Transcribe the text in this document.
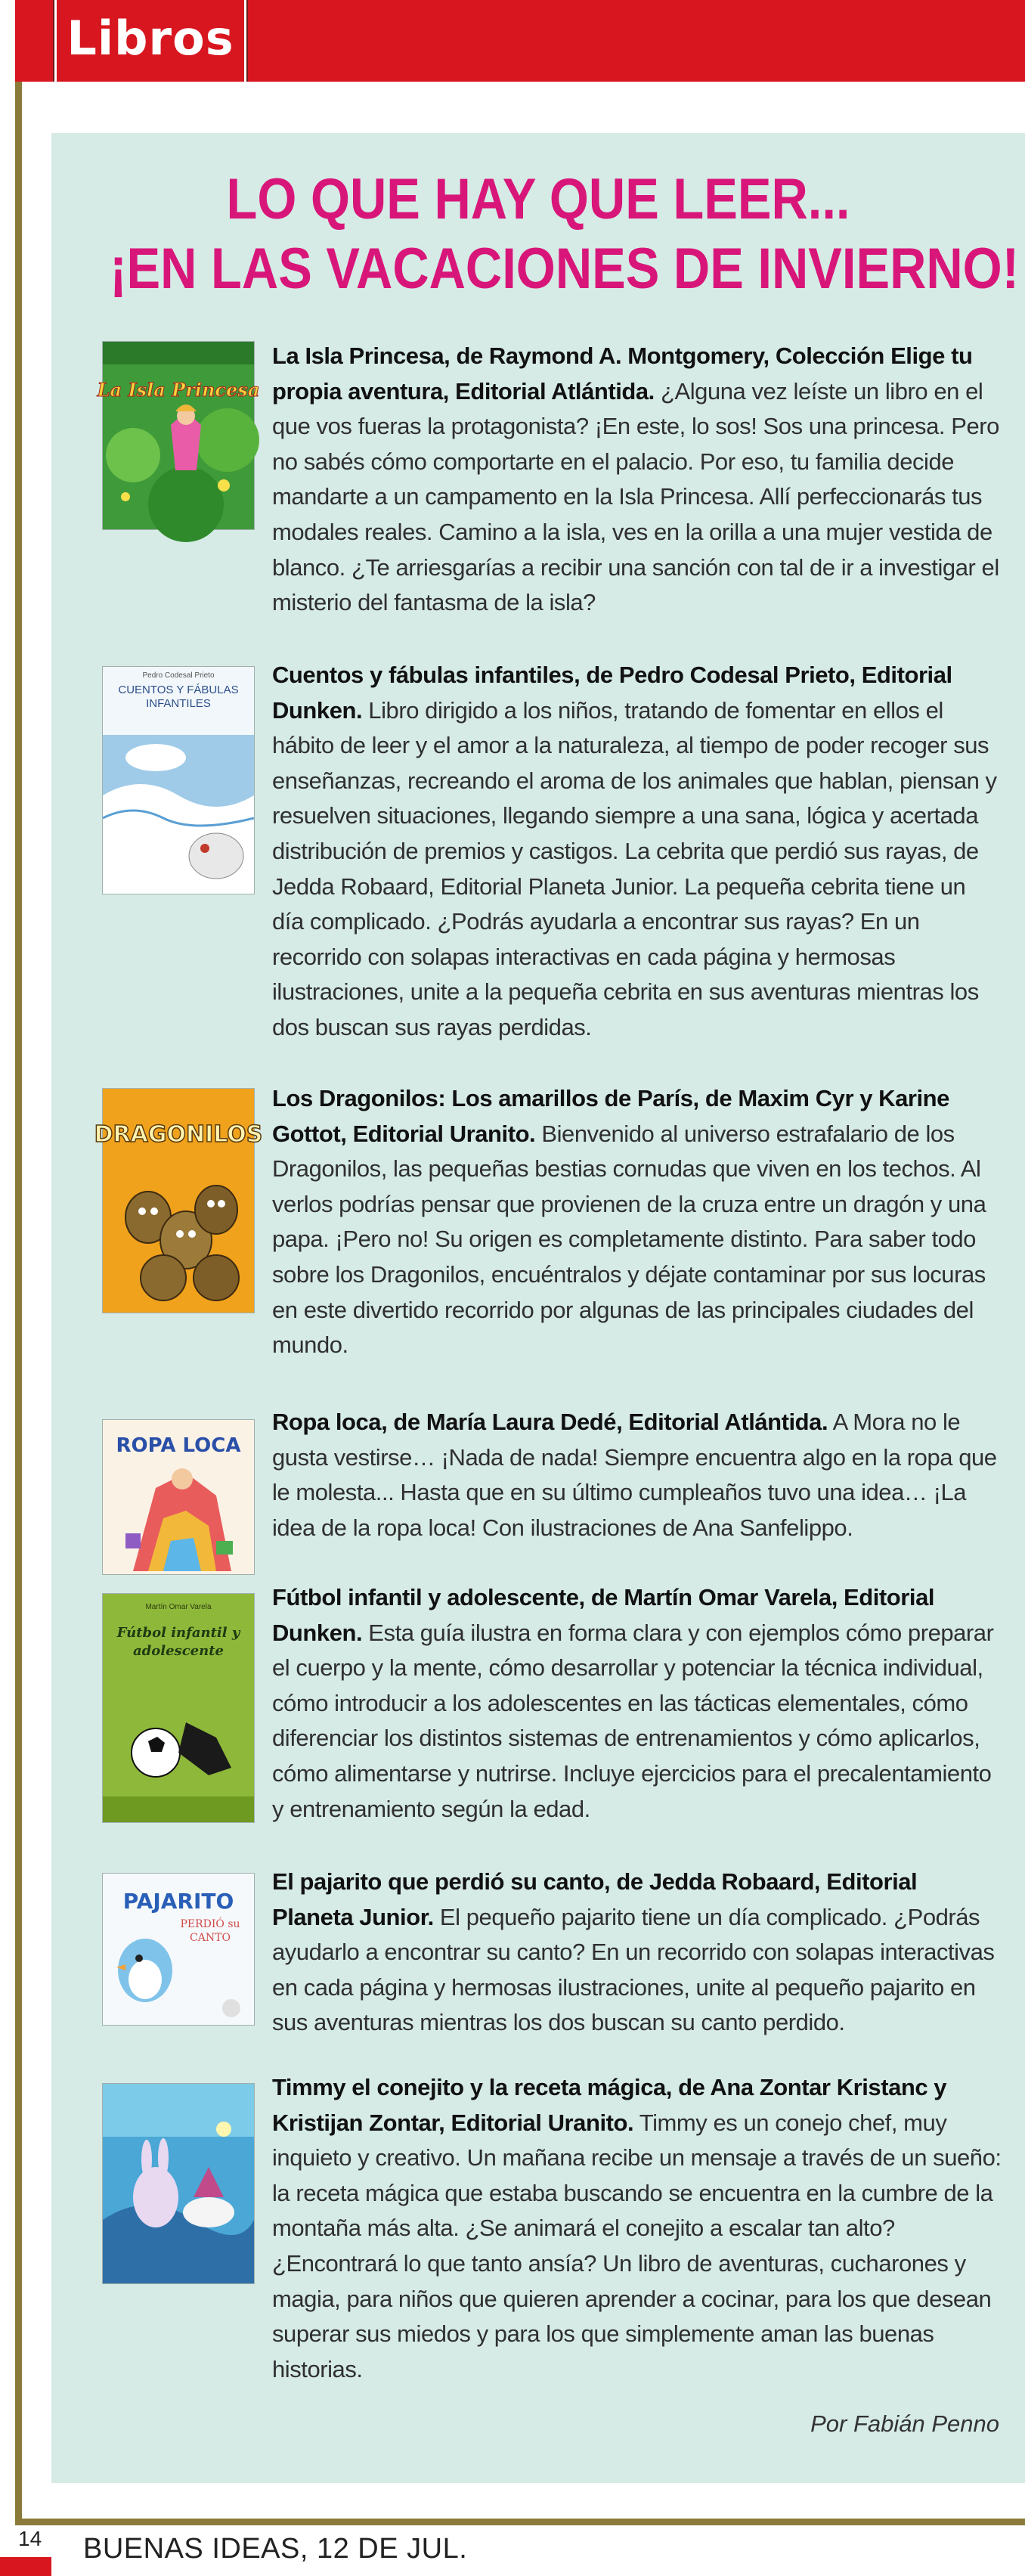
Libros
LO QUE HAY QUE LEER...
¡EN LAS VACACIONES DE INVIERNO!
La Isla Princesa
La Isla Princesa, de Raymond A. Montgomery, Colección Elige tu propia aventura, Editorial Atlántida. ¿Alguna vez leíste un libro en el que vos fueras la protagonista? ¡En este, lo sos! Sos una princesa. Pero no sabés cómo comportarte en el palacio. Por eso, tu familia decide mandarte a un campamento en la Isla Princesa. Allí perfeccionarás tus modales reales. Camino a la isla, ves en la orilla a una mujer vestida de blanco. ¿Te arriesgarías a recibir una sanción con tal de ir a investigar el misterio del fantasma de la isla?
Pedro Codesal Prieto
CUENTOS Y FÁBULAS INFANTILES
Cuentos y fábulas infantiles, de Pedro Codesal Prieto, Editorial Dunken. Libro dirigido a los niños, tratando de fomentar en ellos el hábito de leer y el amor a la naturaleza, al tiempo de poder recoger sus enseñanzas, recreando el aroma de los animales que hablan, piensan y resuelven situaciones, llegando siempre a una sana, lógica y acertada distribución de premios y castigos. La cebrita que perdió sus rayas, de Jedda Robaard, Editorial Planeta Junior. La pequeña cebrita tiene un día complicado. ¿Podrás ayudarla a encontrar sus rayas? En un recorrido con solapas interactivas en cada página y hermosas ilustraciones, unite a la pequeña cebrita en sus aventuras mientras los dos buscan sus rayas perdidas.
DRAGONILOS
Los Dragonilos: Los amarillos de París, de Maxim Cyr y Karine Gottot, Editorial Uranito. Bienvenido al universo estrafalario de los Dragonilos, las pequeñas bestias cornudas que viven en los techos. Al verlos podrías pensar que provienen de la cruza entre un dragón y una papa. ¡Pero no! Su origen es completamente distinto. Para saber todo sobre los Dragonilos, encuéntralos y déjate contaminar por sus locuras en este divertido recorrido por algunas de las principales ciudades del mundo.
ROPA LOCA
Ropa loca, de María Laura Dedé, Editorial Atlántida. A Mora no le gusta vestirse… ¡Nada de nada! Siempre encuentra algo en la ropa que le molesta... Hasta que en su último cumpleaños tuvo una idea… ¡La idea de la ropa loca! Con ilustraciones de Ana Sanfelippo.
Martín Omar Varela
Fútbol infantil y adolescente
Fútbol infantil y adolescente, de Martín Omar Varela, Editorial Dunken. Esta guía ilustra en forma clara y con ejemplos cómo preparar el cuerpo y la mente, cómo desarrollar y potenciar la técnica individual, cómo introducir a los adolescentes en las tácticas elementales, cómo diferenciar los distintos sistemas de entrenamientos y cómo aplicarlos, cómo alimentarse y nutrirse. Incluye ejercicios para el precalentamiento y entrenamiento según la edad.
PAJARITO
PERDIÓ su CANTO
El pajarito que perdió su canto, de Jedda Robaard, Editorial Planeta Junior. El pequeño pajarito tiene un día complicado. ¿Podrás ayudarlo a encontrar su canto? En un recorrido con solapas interactivas en cada página y hermosas ilustraciones, unite al pequeño pajarito en sus aventuras mientras los dos buscan su canto perdido.
Timmy el conejito y la receta mágica, de Ana Zontar Kristanc y Kristijan Zontar, Editorial Uranito. Timmy es un conejo chef, muy inquieto y creativo. Un mañana recibe un mensaje a través de un sueño: la receta mágica que estaba buscando se encuentra en la cumbre de la montaña más alta. ¿Se animará el conejito a escalar tan alto? ¿Encontrará lo que tanto ansía? Un libro de aventuras, cucharones y magia, para niños que quieren aprender a cocinar, para los que desean superar sus miedos y para los que simplemente aman las buenas historias.
Por Fabián Penno
14 BUENAS IDEAS, 12 DE JUL.
